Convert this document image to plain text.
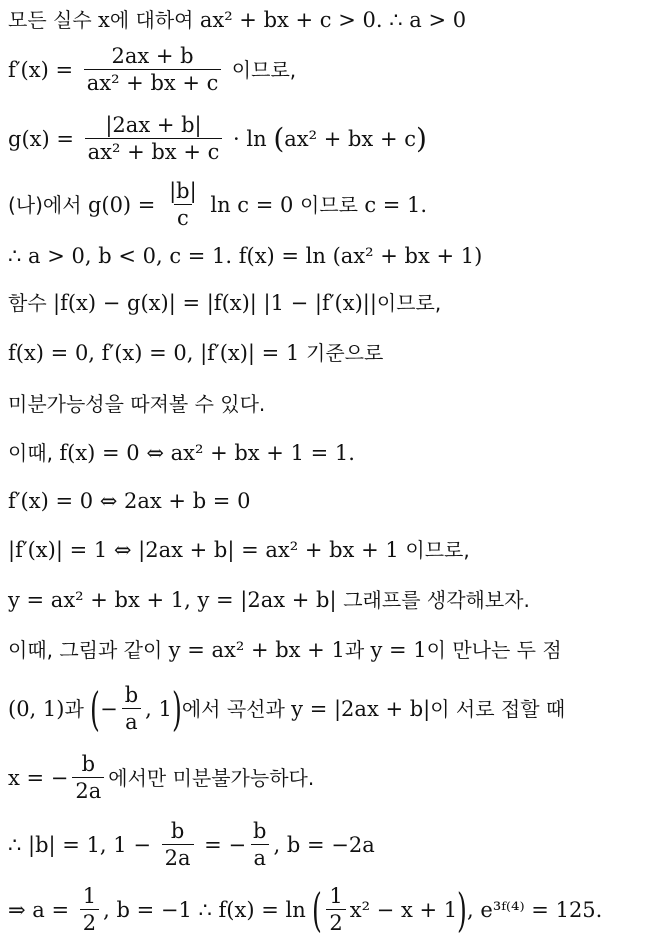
모든 실수 x 에 대하여 ax² + bx + c > 0. ∴ a > 0
$f'(x) = \frac{2ax + b}{\text{ax² + bx + c}}$ 이므로,
$g(x) = \frac{|2ax + b|}{\text{ax² + bx + c}} \cdot \ln$ ( ax² + bx + c )
(나)에서 $g(0) = \frac{|b|}{c}$ ln c = 0 이므로 c = 1.
∴ a > 0, b < 0, c = 1. f(x) = ln (ax² + bx + 1)
함수 |f(x) − g(x)| = |f(x)| |1 − |f′(x)|| 이므로,
f(x) = 0, f′(x) = 0, |f′(x)| = 1 기준으로
미분가능성을 따져볼 수 있다.
이때, f(x) = 0 ⇔ ax² + bx + 1 = 1.
f′(x) = 0 ⇔ 2ax + b = 0
|f′(x)| = 1 ⇔ |2ax + b| = ax² + bx + 1 이므로,
y = ax² + bx + 1, y = |2ax + b| 그래프를 생각해보자.
이때, 그림과 같이 y = ax² + bx + 1 과 y = 1 이 만나는 두 점
(0, 1) 과 ( − $\frac{b}{a}$ , 1 ) 에서 곡선과 y = |2ax + b| 이 서로 접할 때
x = − $\frac{b}{2a}$ 에서만 미분불가능하다.
∴ |b| = 1, $1 - \frac{b}{2a}$ = − $\frac{b}{a}$ , b = −2a
⇒ $a = \frac{1}{2}$ , b = −1 ∴ f(x) = ln ( $\frac{1}{2} x^2 - x + 1$ ) , e³ᶠ⁽⁴⁾ = 125.
